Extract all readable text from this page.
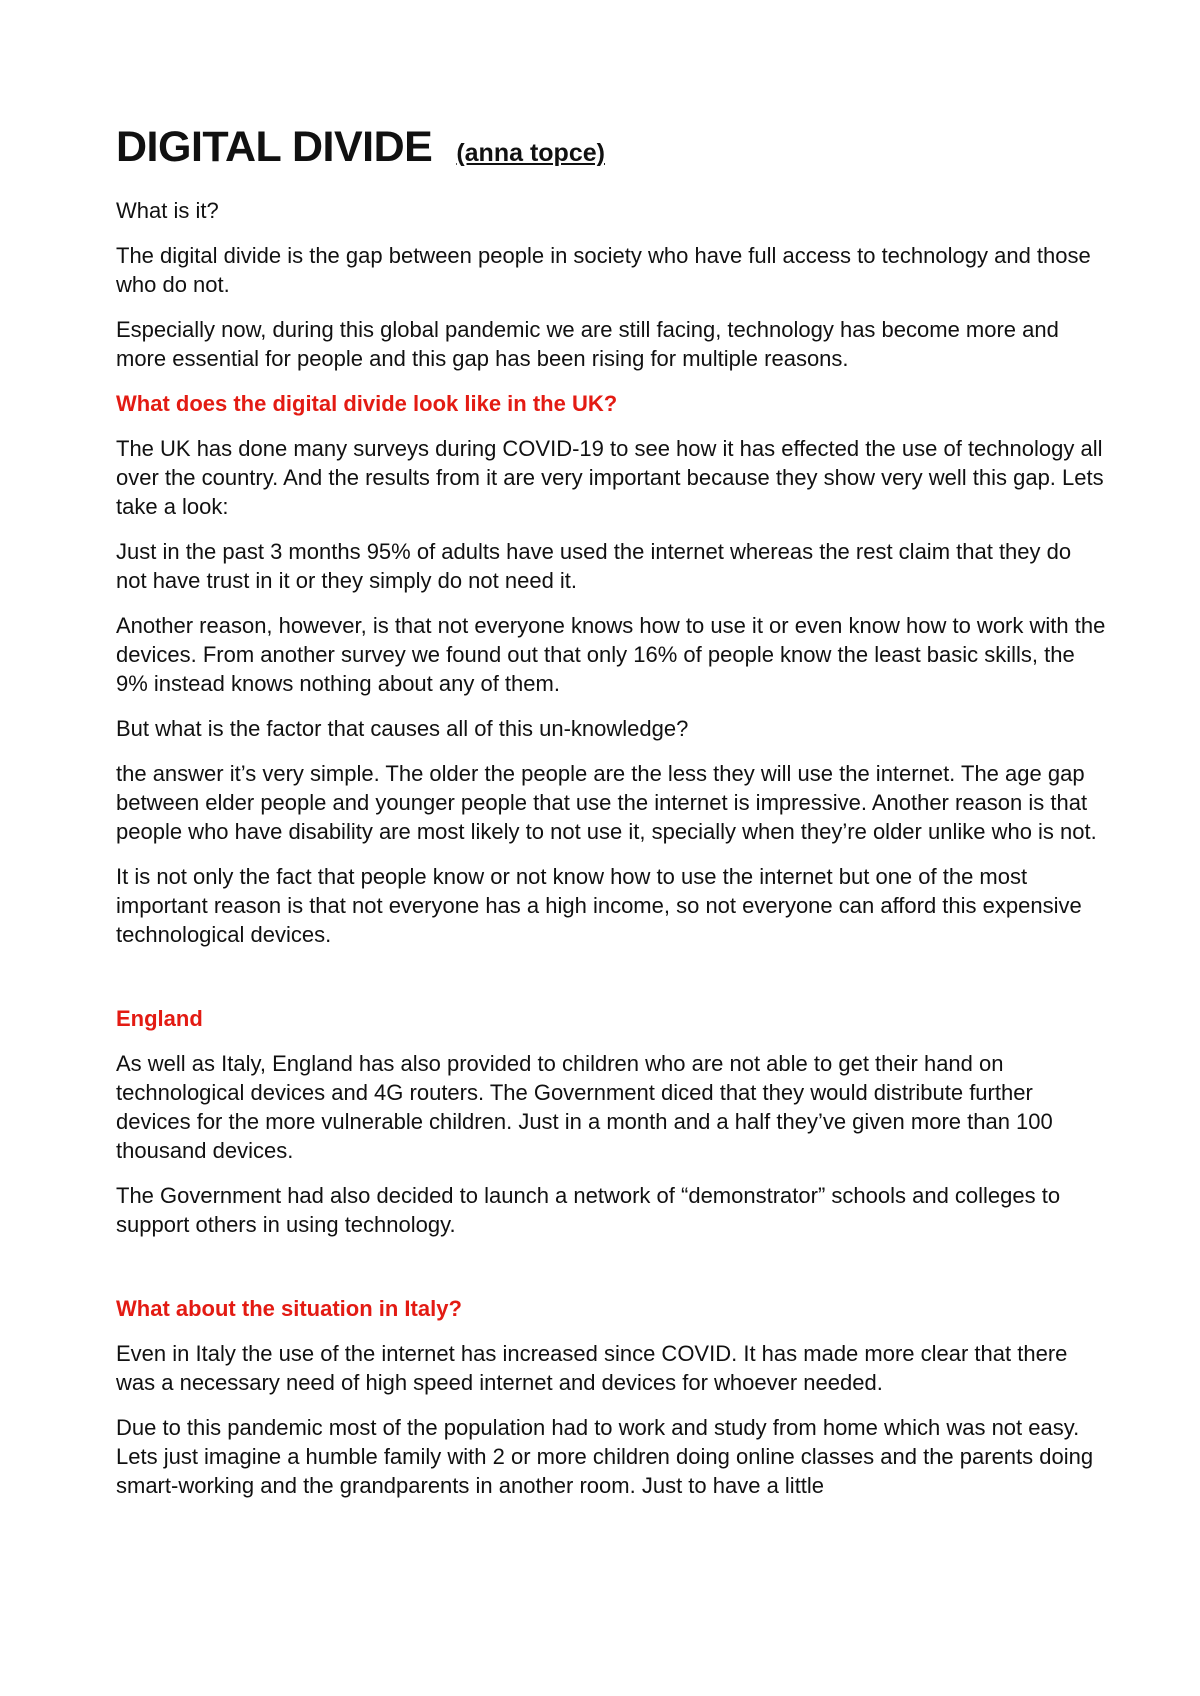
DIGITAL DIVIDE (anna topce)

What is it?

The digital divide is the gap between people in society who have full access to technology and those who do not.

Especially now, during this global pandemic we are still facing, technology has become more and more essential for people and this gap has been rising for multiple reasons.

What does the digital divide look like in the UK?

The UK has done many surveys during COVID-19 to see how it has effected the use of technology all over the country. And the results from it are very important because they show very well this gap. Lets take a look:

Just in the past 3 months 95% of adults have used the internet whereas the rest claim that they do not have trust in it or they simply do not need it.

Another reason, however, is that not everyone knows how to use it or even know how to work with the devices. From another survey we found out that only 16% of people know the least basic skills, the 9% instead knows nothing about any of them.

But what is the factor that causes all of this un-knowledge?

the answer it’s very simple. The older the people are the less they will use the internet. The age gap between elder people and younger people that use the internet is impressive. Another reason is that people who have disability are most likely to not use it, specially when they’re older unlike who is not.

It is not only the fact that people know or not know how to use the internet but one of the most important reason is that not everyone has a high income, so not everyone can afford this expensive technological devices.

England

As well as Italy, England has also provided to children who are not able to get their hand on technological devices and 4G routers. The Government diced that they would distribute further devices for the more vulnerable children. Just in a month and a half they’ve given more than 100 thousand devices.

The Government had also decided to launch a network of “demonstrator” schools and colleges to support others in using technology.

What about the situation in Italy?

Even in Italy the use of the internet has increased since COVID. It has made more clear that there was a necessary need of high speed internet and devices for whoever needed.

Due to this pandemic most of the population had to work and study from home which was not easy.

Lets just imagine a humble family with 2 or more children doing online classes and the parents doing smart-working and the grandparents in another room. Just to have a little
